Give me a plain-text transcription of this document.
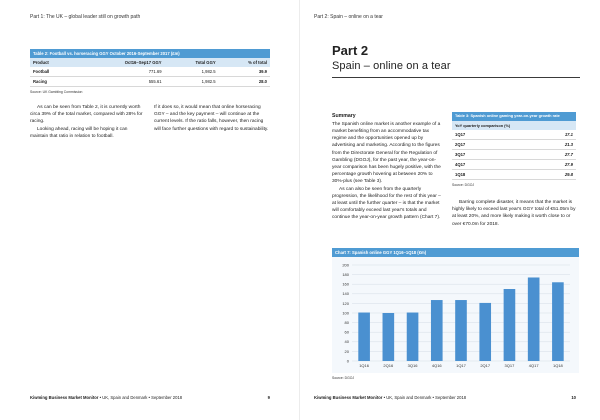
Part 1: The UK – global leader still on growth path
Table 2: Football vs. horseracing GGY October 2016-September 2017 (£m)
Product	Oct16–Sep17 GGY	Total GGY	% of total
Football	771.69	1,982.5	39.9
Racing	555.61	1,982.5	28.0
Source: UK Gambling Commission

As can be seen from Table 2, it is currently worth circa 39% of the total market, compared with 28% for racing.

Looking ahead, racing will be hoping it can maintain that ratio in relation to football.

If it does so, it would mean that online horseracing GGY – and the key payment – will continue at the current levels. If the ratio falls, however, then racing will face further questions with regard to sustainability.

Kiwming Business Market Monitor • UK, Spain and Denmark • September 2018	9
Part 2: Spain – online on a tear
Part 2
Spain – online on a tear
Summary

The Spanish online market is another example of a market benefiting from an accommodative tax regime and the opportunities opened up by advertising and marketing. According to the figures from the Directorate General for the Regulation of Gambling (DGOJ), for the past year, the year-on-year comparison has been hugely positive, with the percentage growth hovering at between 20% to 30%-plus (see Table 3).

As can also be seen from the quarterly progression, the likelihood for the rest of this year – at least until the further quarter – is that the market will comfortably exceed last year's totals and continue the year-on-year growth pattern (Chart 7).

Table 3: Spanish online gaming year-on-year growth rate
YoY quarterly comparison (%)	
1Q17	17.1
2Q17	21.3
3Q17	27.7
4Q17	27.9
1Q18	29.8
Source: DGOJ

Barring complete disaster, it means that the market is highly likely to exceed last year's GGY total of €51.05m by at least 20%, and more likely making it worth close to or over €70.0m for 2018.

Chart 7: Spanish online GGY 1Q16–1Q18 (€m)
0
20
40
60
80
100
120
140
160
180
200
1Q16	2Q16	3Q16	4Q16	1Q17	2Q17	3Q17	4Q17	1Q18
Source: DGOJ
Kiwming Business Market Monitor • UK, Spain and Denmark • September 2018	10
